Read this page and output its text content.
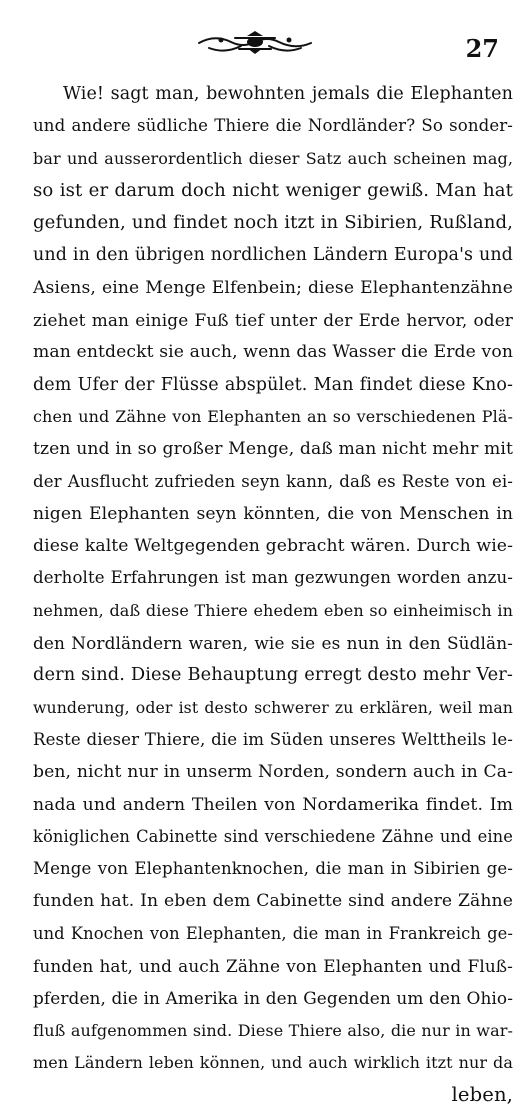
27
Wie! sagt man, bewohnten jemals die Elephanten
und andere südliche Thiere die Nordländer? So sonder-
bar und ausserordentlich dieser Satz auch scheinen mag,
so ist er darum doch nicht weniger gewiß. Man hat
gefunden, und findet noch itzt in Sibirien, Rußland,
und in den übrigen nordlichen Ländern Europa's und
Asiens, eine Menge Elfenbein; diese Elephantenzähne
ziehet man einige Fuß tief unter der Erde hervor, oder
man entdeckt sie auch, wenn das Wasser die Erde von
dem Ufer der Flüsse abspület. Man findet diese Kno-
chen und Zähne von Elephanten an so verschiedenen Plä-
tzen und in so großer Menge, daß man nicht mehr mit
der Ausflucht zufrieden seyn kann, daß es Reste von ei-
nigen Elephanten seyn könnten, die von Menschen in
diese kalte Weltgegenden gebracht wären. Durch wie-
derholte Erfahrungen ist man gezwungen worden anzu-
nehmen, daß diese Thiere ehedem eben so einheimisch in
den Nordländern waren, wie sie es nun in den Südlän-
dern sind. Diese Behauptung erregt desto mehr Ver-
wunderung, oder ist desto schwerer zu erklären, weil man
Reste dieser Thiere, die im Süden unseres Welttheils le-
ben, nicht nur in unserm Norden, sondern auch in Ca-
nada und andern Theilen von Nordamerika findet. Im
königlichen Cabinette sind verschiedene Zähne und eine
Menge von Elephantenknochen, die man in Sibirien ge-
funden hat. In eben dem Cabinette sind andere Zähne
und Knochen von Elephanten, die man in Frankreich ge-
funden hat, und auch Zähne von Elephanten und Fluß-
pferden, die in Amerika in den Gegenden um den Ohio-
fluß aufgenommen sind. Diese Thiere also, die nur in war-
men Ländern leben können, und auch wirklich itzt nur da
leben,
